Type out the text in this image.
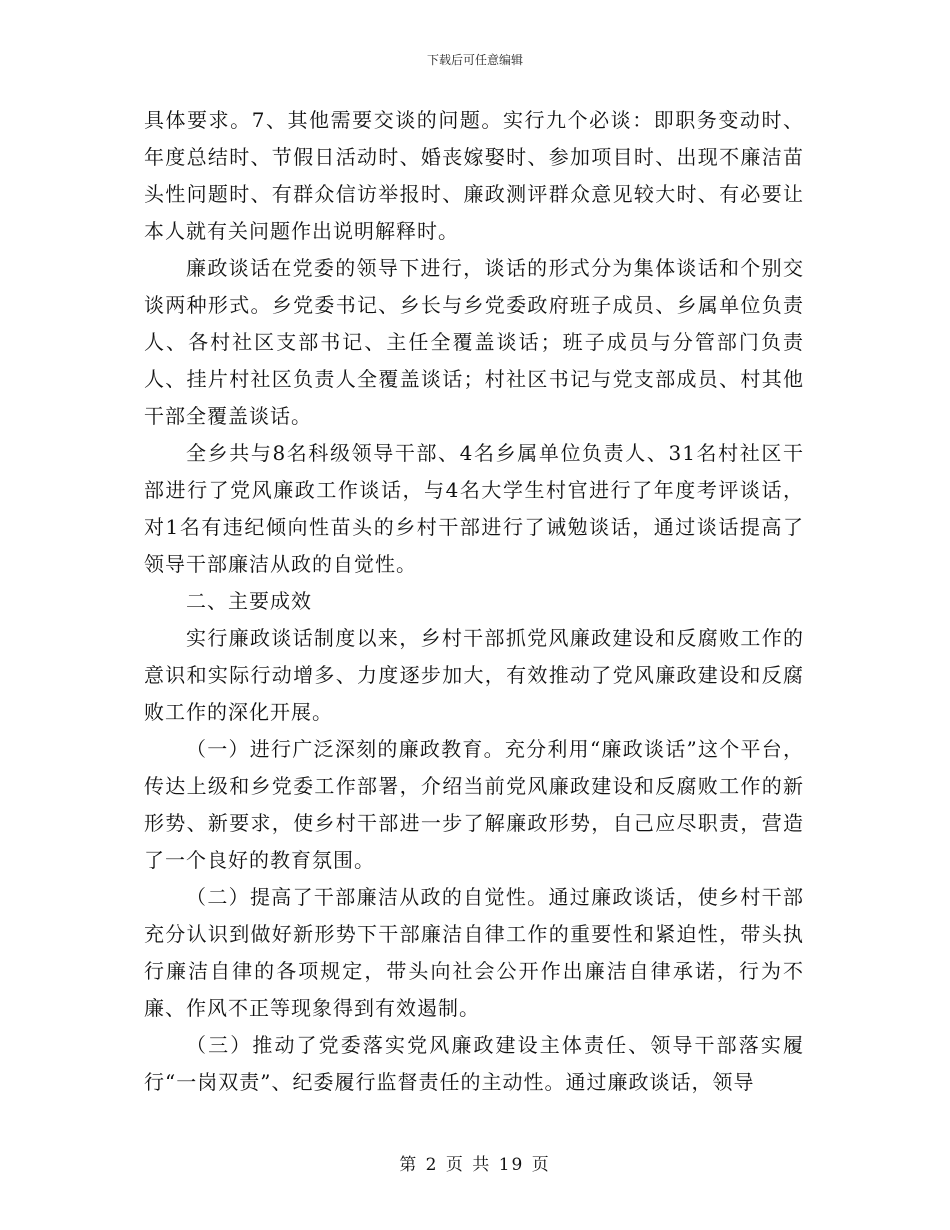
下载后可任意编辑

具体要求。7、其他需要交谈的问题。实行九个必谈：即职务变动时、年度总结时、节假日活动时、婚丧嫁娶时、参加项目时、出现不廉洁苗头性问题时、有群众信访举报时、廉政测评群众意见较大时、有必要让本人就有关问题作出说明解释时。

廉政谈话在党委的领导下进行，谈话的形式分为集体谈话和个别交谈两种形式。乡党委书记、乡长与乡党委政府班子成员、乡属单位负责人、各村社区支部书记、主任全覆盖谈话；班子成员与分管部门负责人、挂片村社区负责人全覆盖谈话；村社区书记与党支部成员、村其他干部全覆盖谈话。

全乡共与8名科级领导干部、4名乡属单位负责人、31名村社区干部进行了党风廉政工作谈话，与4名大学生村官进行了年度考评谈话，对1名有违纪倾向性苗头的乡村干部进行了诫勉谈话，通过谈话提高了领导干部廉洁从政的自觉性。

二、主要成效

实行廉政谈话制度以来，乡村干部抓党风廉政建设和反腐败工作的意识和实际行动增多、力度逐步加大，有效推动了党风廉政建设和反腐败工作的深化开展。

（一）进行广泛深刻的廉政教育。充分利用“廉政谈话”这个平台，传达上级和乡党委工作部署，介绍当前党风廉政建设和反腐败工作的新形势、新要求，使乡村干部进一步了解廉政形势，自己应尽职责，营造了一个良好的教育氛围。

（二）提高了干部廉洁从政的自觉性。通过廉政谈话，使乡村干部充分认识到做好新形势下干部廉洁自律工作的重要性和紧迫性，带头执行廉洁自律的各项规定，带头向社会公开作出廉洁自律承诺，行为不廉、作风不正等现象得到有效遏制。

（三）推动了党委落实党风廉政建设主体责任、领导干部落实履行“一岗双责”、纪委履行监督责任的主动性。通过廉政谈话，领导

第 2 页 共 19 页
